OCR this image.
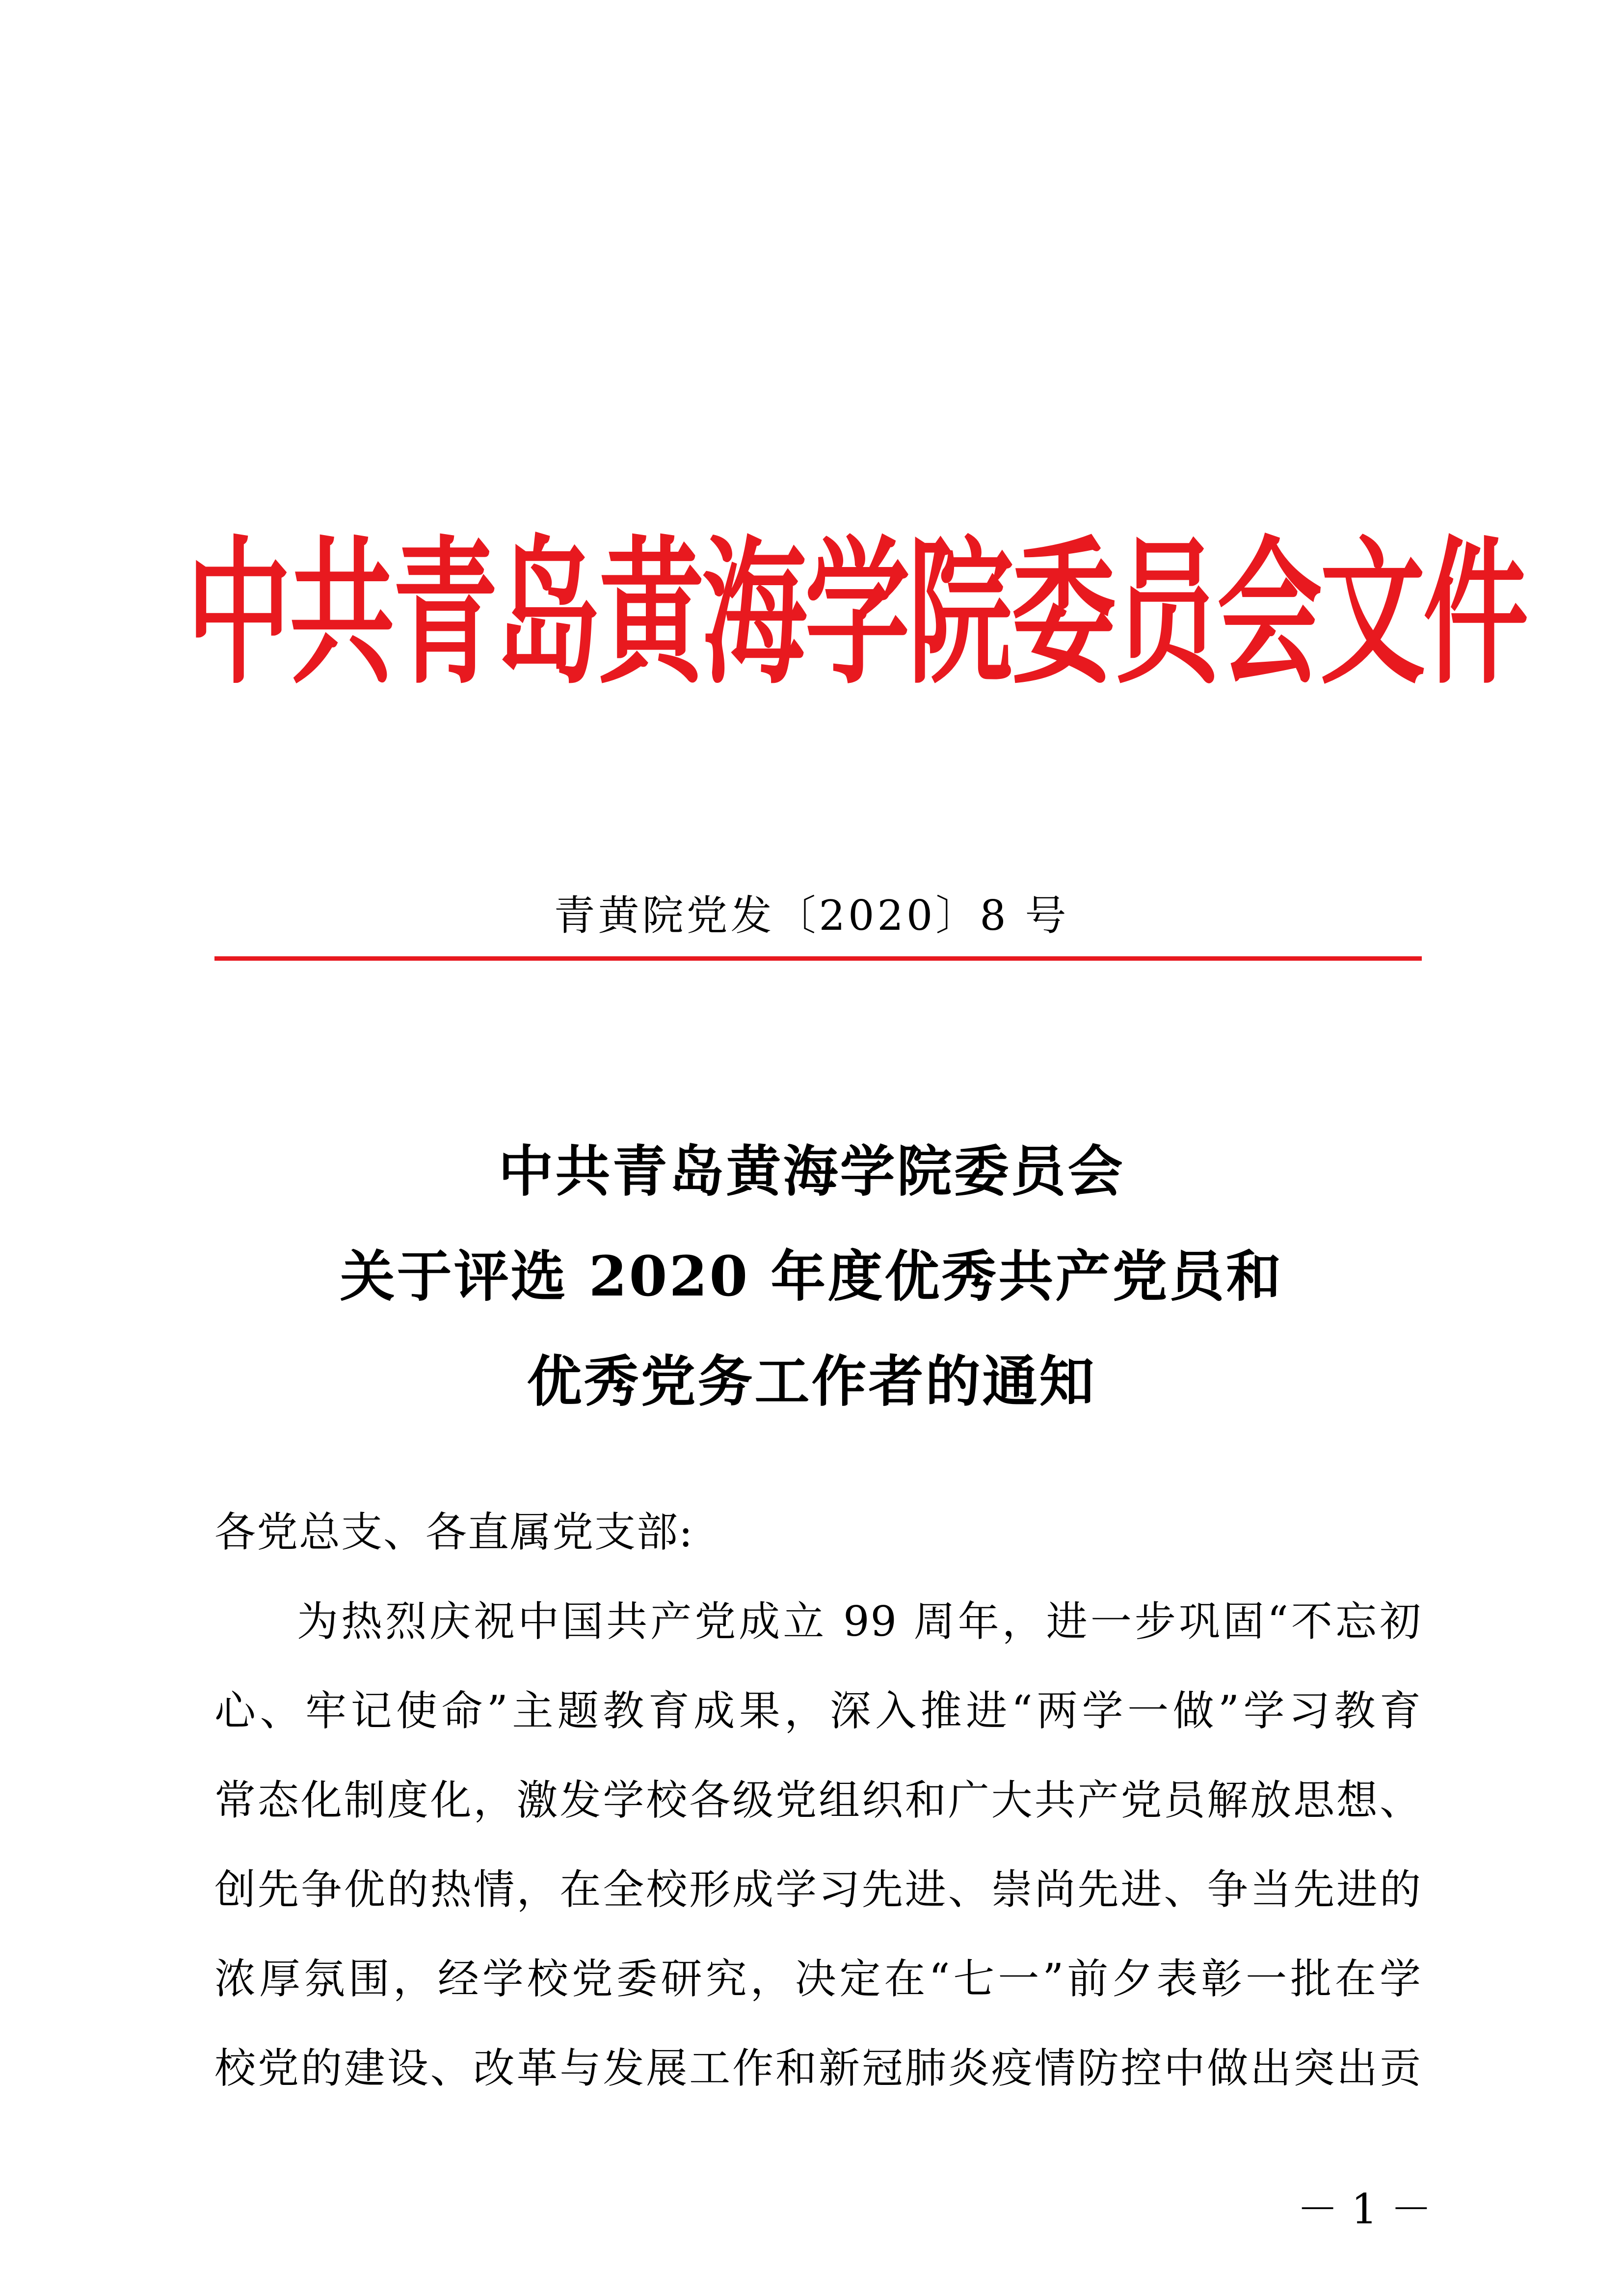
中共青岛黄海学院委员会文件
青黄院党发〔2020〕8 号
中共青岛黄海学院委员会
关于评选 2020 年度优秀共产党员和
优秀党务工作者的通知
各党总支、各直属党支部:
为热烈庆祝中国共产党成立 99 周年，进一步巩固“不忘初
心、牢记使命”主题教育成果，深入推进“两学一做”学习教育
常态化制度化，激发学校各级党组织和广大共产党员解放思想、
创先争优的热情，在全校形成学习先进、崇尚先进、争当先进的
浓厚氛围，经学校党委研究，决定在“七一”前夕表彰一批在学
校党的建设、改革与发展工作和新冠肺炎疫情防控中做出突出贡
－ 1 －
